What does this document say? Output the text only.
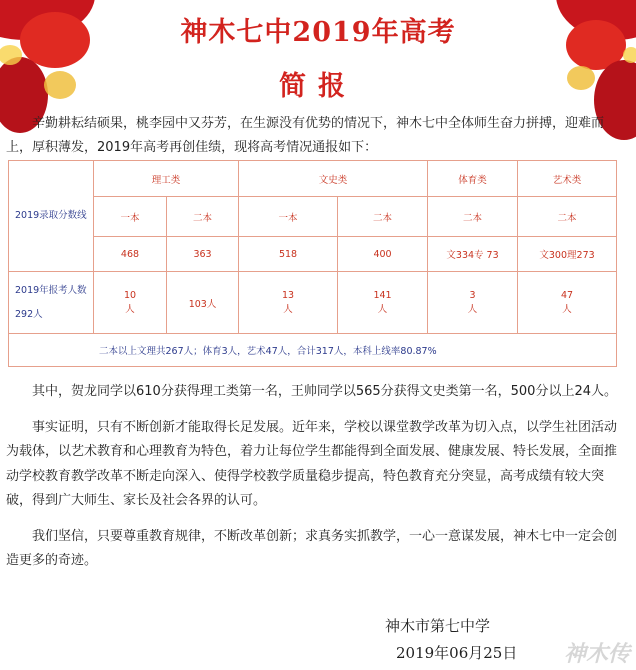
神木七中2019年高考
简报
辛勤耕耘结硕果，桃李园中又芬芳，在生源没有优势的情况下，神木七中全体师生奋力拼搏，迎难而上，厚积薄发，2019年高考再创佳绩，现将高考情况通报如下：
2019录取分数线	理工类		文史类		体育类	艺术类
	一本	二本	一本	二本	二本	二本
	468	363	518	400	文334专 73	文300理273
2019年报考人数292人	10人	103人	13人	141人	3人	47人
二本以上文理共267人；体育3人，艺术47人，合计317人，本科上线率80.87%						

其中，贺龙同学以610分获得理工类第一名，王帅同学以565分获得文史类第一名，500分以上24人。

事实证明，只有不断创新才能取得长足发展。近年来，学校以课堂教学改革为切入点，以学生社团活动为载体，以艺术教育和心理教育为特色，着力让每位学生都能得到全面发展、健康发展、特长发展，全面推动学校教育教学改革不断走向深入、使得学校教学质量稳步提高，特色教育充分突显，高考成绩有较大突破，得到广大师生、家长及社会各界的认可。

我们坚信，只要尊重教育规律，不断改革创新；求真务实抓教学，一心一意谋发展，神木七中一定会创造更多的奇迹。

神木市第七中学
2019年06月25日 神木传
